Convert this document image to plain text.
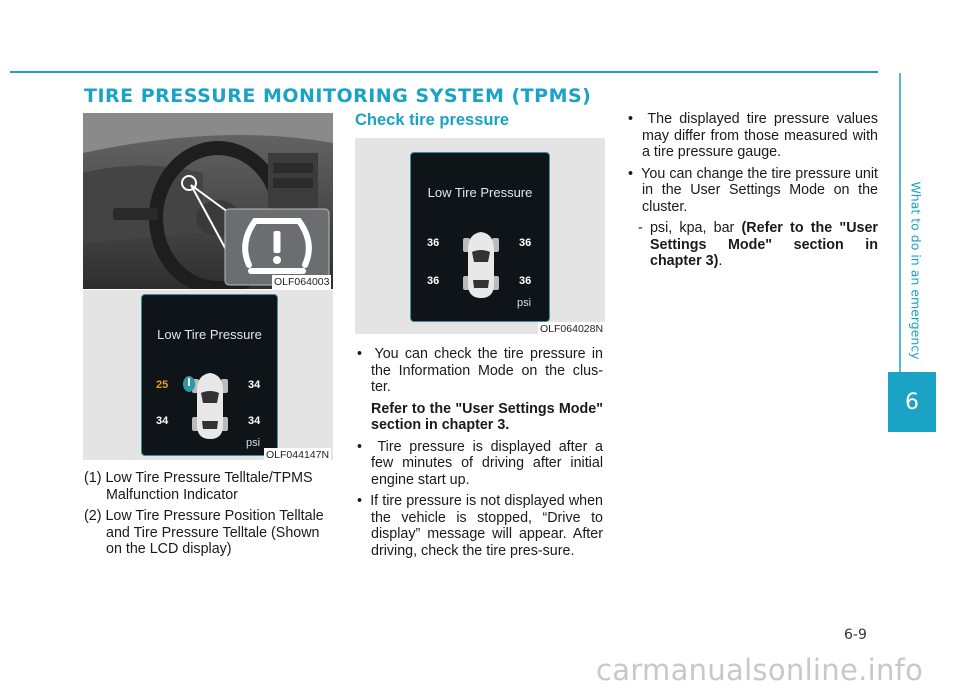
TIRE PRESSURE MONITORING SYSTEM (TPMS)
What to do in an emergency
6
OLF064003
Low Tire Pressure
25	34
34	34
psi
OLF044147N

(1) Low Tire Pressure Telltale/TPMS Malfunction Indicator

(2) Low Tire Pressure Position Telltale and Tire Pressure Telltale (Shown on the LCD display)

Check tire pressure
Low Tire Pressure
36	36
36	36
psi
OLF064028N

•  You can check the tire pressure in the Information Mode on the clus-ter.

Refer to the "User Settings Mode" section in chapter 3.

•  Tire pressure is displayed after a few minutes of driving after initial engine start up.

•  If tire pressure is not displayed when the vehicle is stopped, “Drive to display” message will appear. After driving, check the tire pres-sure.

•  The displayed tire pressure values may differ from those measured with a tire pressure gauge.

•  You can change the tire pressure unit in the User Settings Mode on the cluster.

- psi, kpa, bar (Refer to the "User Settings Mode" section in chapter 3).

6-9
carmanualsonline.info
